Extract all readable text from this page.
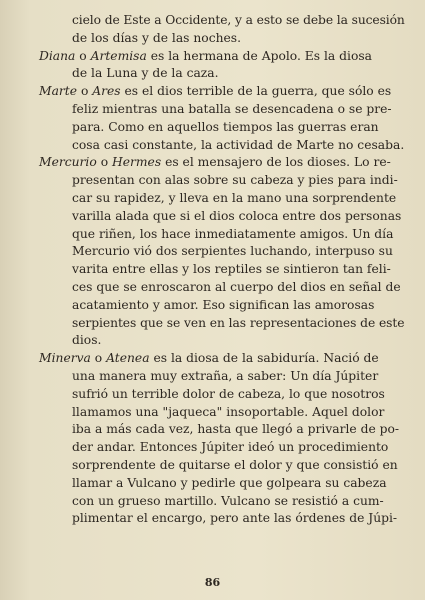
cielo de Este a Occidente, y a esto se debe la sucesión
de los días y de las noches.

Diana o Artemisa es la hermana de Apolo. Es la diosa
de la Luna y de la caza.

Marte o Ares es el dios terrible de la guerra, que sólo es
feliz mientras una batalla se desencadena o se pre-
para. Como en aquellos tiempos las guerras eran
cosa casi constante, la actividad de Marte no cesaba.

Mercurio o Hermes es el mensajero de los dioses. Lo re-
presentan con alas sobre su cabeza y pies para indi-
car su rapidez, y lleva en la mano una sorprendente
varilla alada que si el dios coloca entre dos personas
que riñen, los hace inmediatamente amigos. Un día
Mercurio vió dos serpientes luchando, interpuso su
varita entre ellas y los reptiles se sintieron tan feli-
ces que se enroscaron al cuerpo del dios en señal de
acatamiento y amor. Eso significan las amorosas
serpientes que se ven en las representaciones de este
dios.

Minerva o Atenea es la diosa de la sabiduría. Nació de
una manera muy extraña, a saber: Un día Júpiter
sufrió un terrible dolor de cabeza, lo que nosotros
llamamos una "jaqueca" insoportable. Aquel dolor
iba a más cada vez, hasta que llegó a privarle de po-
der andar. Entonces Júpiter ideó un procedimiento
sorprendente de quitarse el dolor y que consistió en
llamar a Vulcano y pedirle que golpeara su cabeza
con un grueso martillo. Vulcano se resistió a cum-
plimentar el encargo, pero ante las órdenes de Júpi-

86
